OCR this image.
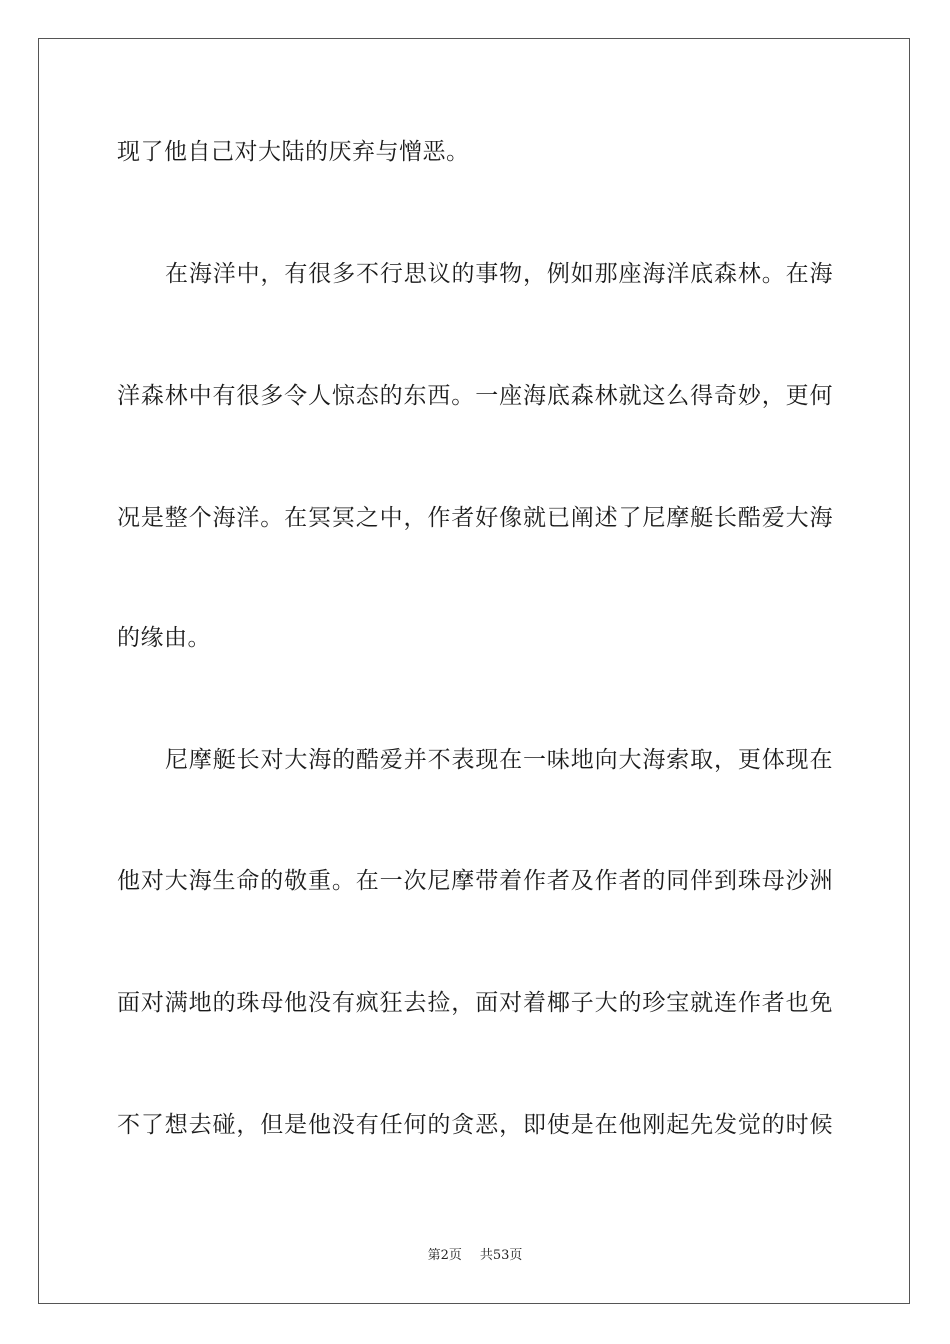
现了他自己对大陆的厌弃与憎恶。
在海洋中，有很多不行思议的事物，例如那座海洋底森林。在海
洋森林中有很多令人惊态的东西。一座海底森林就这么得奇妙，更何
况是整个海洋。在冥冥之中，作者好像就已阐述了尼摩艇长酷爱大海
的缘由。
尼摩艇长对大海的酷爱并不表现在一味地向大海索取，更体现在
他对大海生命的敬重。在一次尼摩带着作者及作者的同伴到珠母沙洲
面对满地的珠母他没有疯狂去捡，面对着椰子大的珍宝就连作者也免
不了想去碰，但是他没有任何的贪恶，即使是在他刚起先发觉的时候
第2页 共53页
